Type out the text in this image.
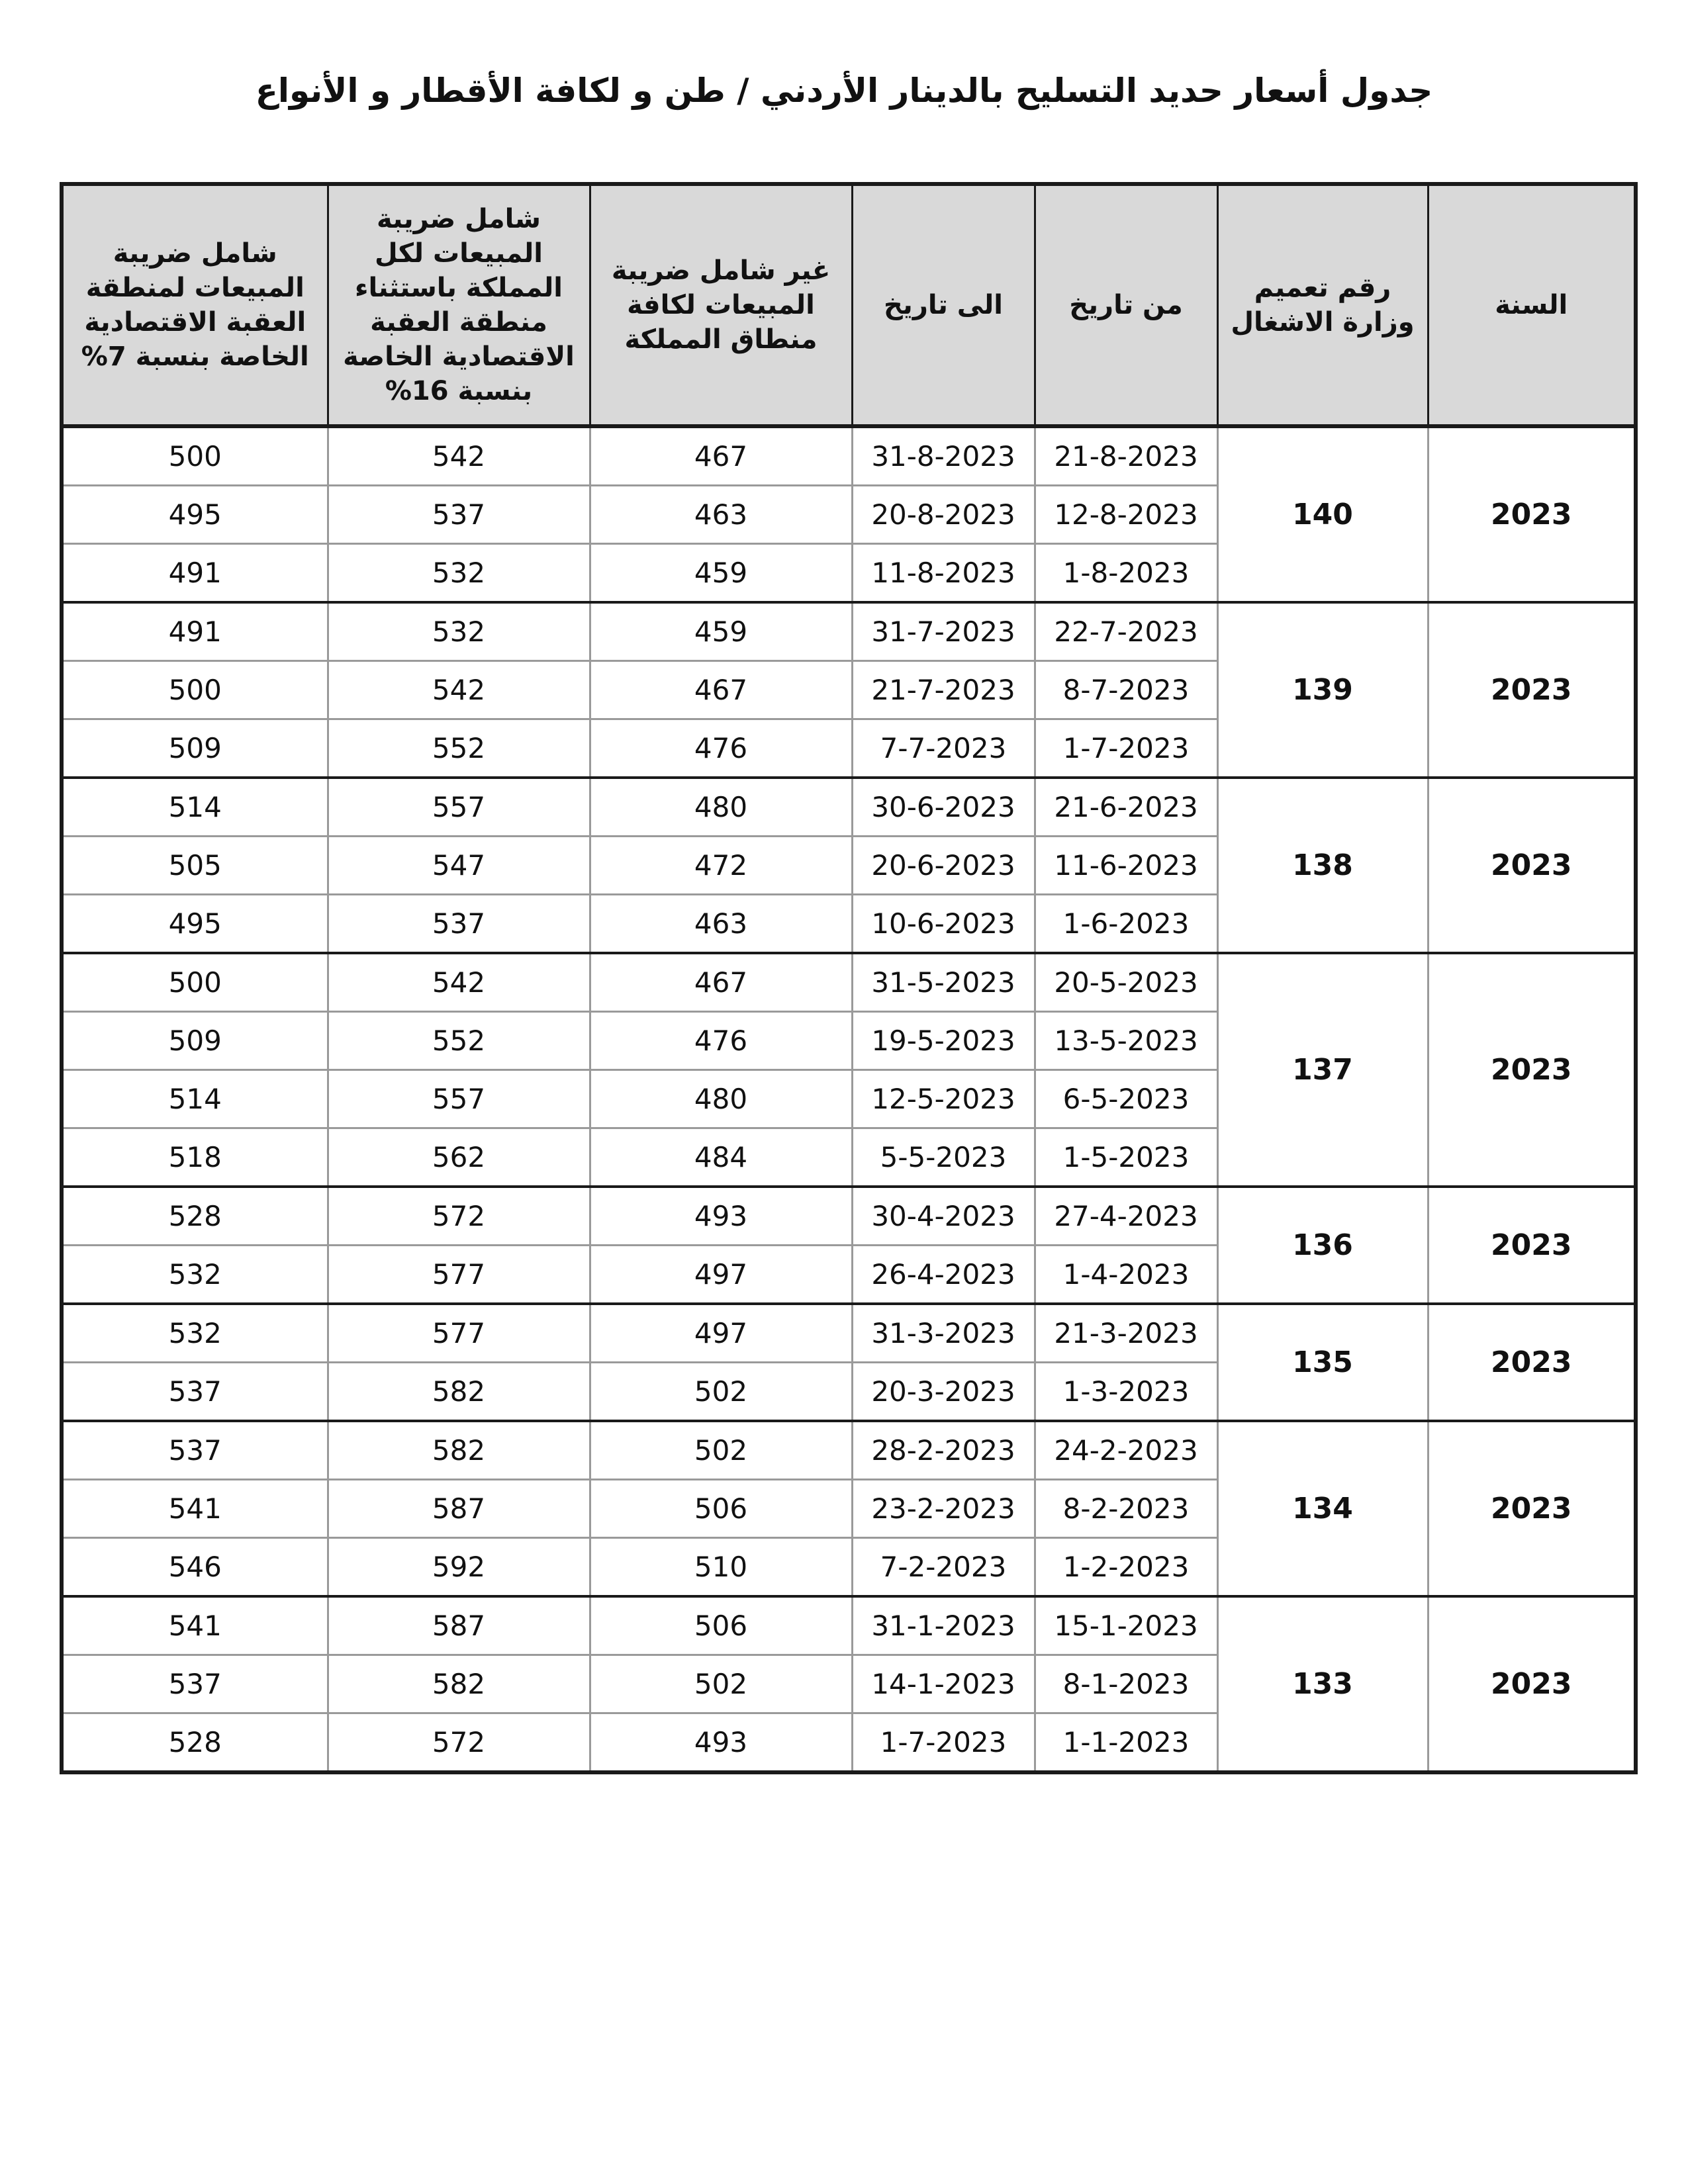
جدول أسعار حديد التسليح بالدينار الأردني / طن و لكافة الأقطار و الأنواع
السنة	رقم تعميم وزارة الاشغال	من تاريخ	الى تاريخ	غير شامل ضريبة المبيعات لكافة منطاق المملكة	شامل ضريبة المبيعات لكل المملكة باستثناء منطقة العقبة الاقتصادية الخاصة بنسبة 16%	شامل ضريبة المبيعات لمنطقة العقبة الاقتصادية الخاصة بنسبة 7%
2023	140	21-8-2023	31-8-2023	467	542	500
		12-8-2023	20-8-2023	463	537	495
		1-8-2023	11-8-2023	459	532	491
2023	139	22-7-2023	31-7-2023	459	532	491
		8-7-2023	21-7-2023	467	542	500
		1-7-2023	7-7-2023	476	552	509
2023	138	21-6-2023	30-6-2023	480	557	514
		11-6-2023	20-6-2023	472	547	505
		1-6-2023	10-6-2023	463	537	495
2023	137	20-5-2023	31-5-2023	467	542	500
		13-5-2023	19-5-2023	476	552	509
		6-5-2023	12-5-2023	480	557	514
		1-5-2023	5-5-2023	484	562	518
2023	136	27-4-2023	30-4-2023	493	572	528
		1-4-2023	26-4-2023	497	577	532
2023	135	21-3-2023	31-3-2023	497	577	532
		1-3-2023	20-3-2023	502	582	537
2023	134	24-2-2023	28-2-2023	502	582	537
		8-2-2023	23-2-2023	506	587	541
		1-2-2023	7-2-2023	510	592	546
2023	133	15-1-2023	31-1-2023	506	587	541
		8-1-2023	14-1-2023	502	582	537
		1-1-2023	1-7-2023	493	572	528
